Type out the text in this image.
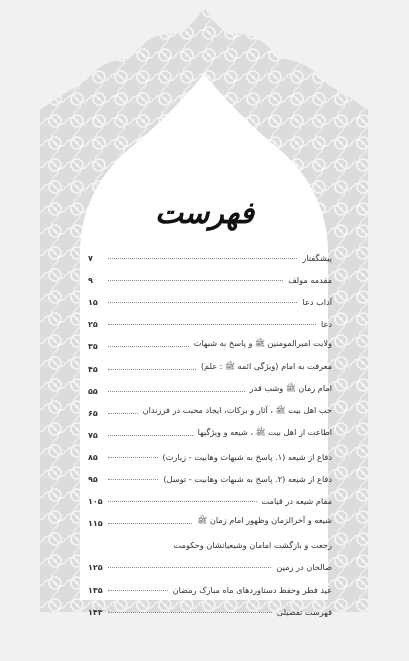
فهرست
پیشگفتار
۷
مقدمه مولف
۹
آداب دعا
۱۵
دعا
۲۵
ولایت امیرالمومنین ﷺ و پاسخ به شبهات
۳۵
معرفت به امام (ویژگی ائمه ﷺ : علم)
۴۵
امام زمان ﷺ وشب قدر
۵۵
حب اهل بیت ﷺ ، آثار و برکات، ایجاد محبت در فرزندان
۶۵
اطاعت از اهل بیت ﷺ ، شیعه و ویژگیها
۷۵
دفاع از شیعه (۱. پاسخ به شبهات وهابیت - زیارت)
۸۵
دفاع از شیعه (۲. پاسخ به شبهات وهابیت - توسل)
۹۵
مقام شیعه در قیامت
۱۰۵
شیعه و آخرالزمان وظهور امام زمان ﷺ
۱۱۵
رجعت و بازگشت امامان وشیعیانشان وحکومت
صالحان در زمین
۱۲۵
عید فطر وحفظ دستاوردهای ماه مبارک رمضان
۱۳۵
فهرست تفصیلی
۱۴۳
